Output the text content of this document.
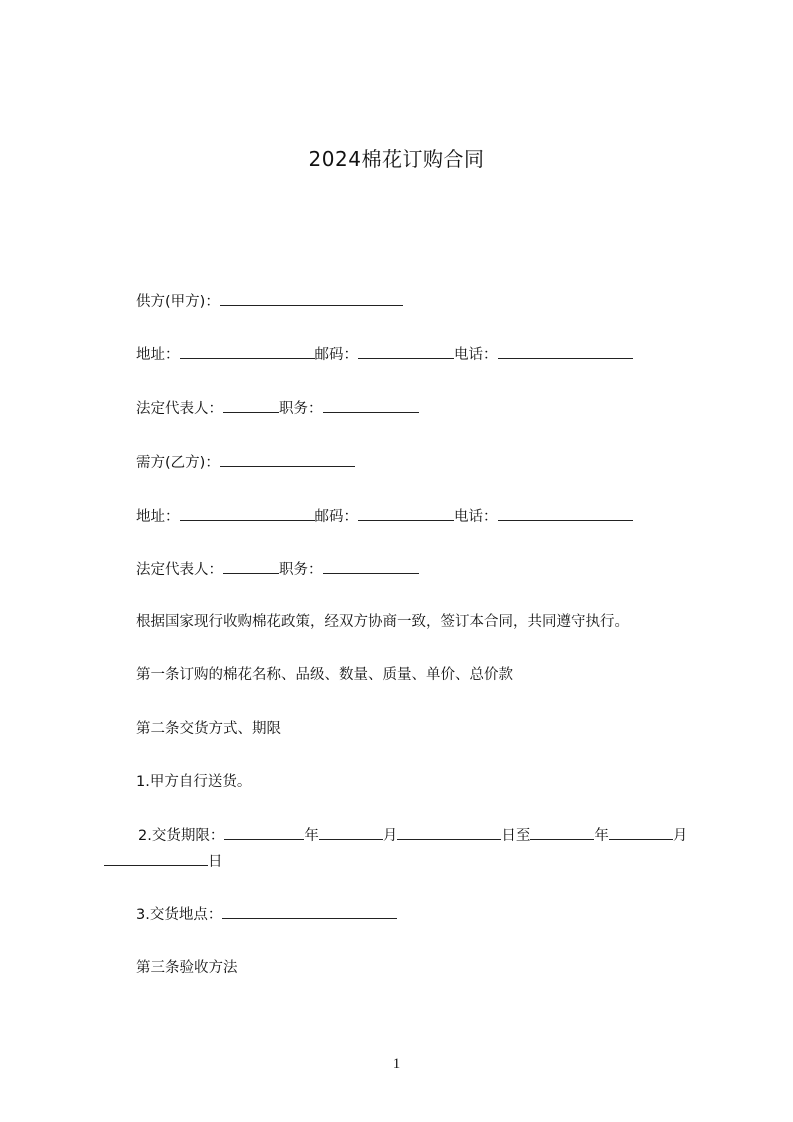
2024棉花订购合同
供方(甲方)：
地址：	邮码：	电话：
法定代表人：	职务：
需方(乙方)：
地址：	邮码：	电话：
法定代表人：	职务：
根据国家现行收购棉花政策，经双方协商一致，签订本合同，共同遵守执行。
第一条订购的棉花名称、品级、数量、质量、单价、总价款
第二条交货方式、期限
1.甲方自行送货。
2.交货期限：	年	月	日至	年	月
日
3.交货地点：
第三条验收方法
1
